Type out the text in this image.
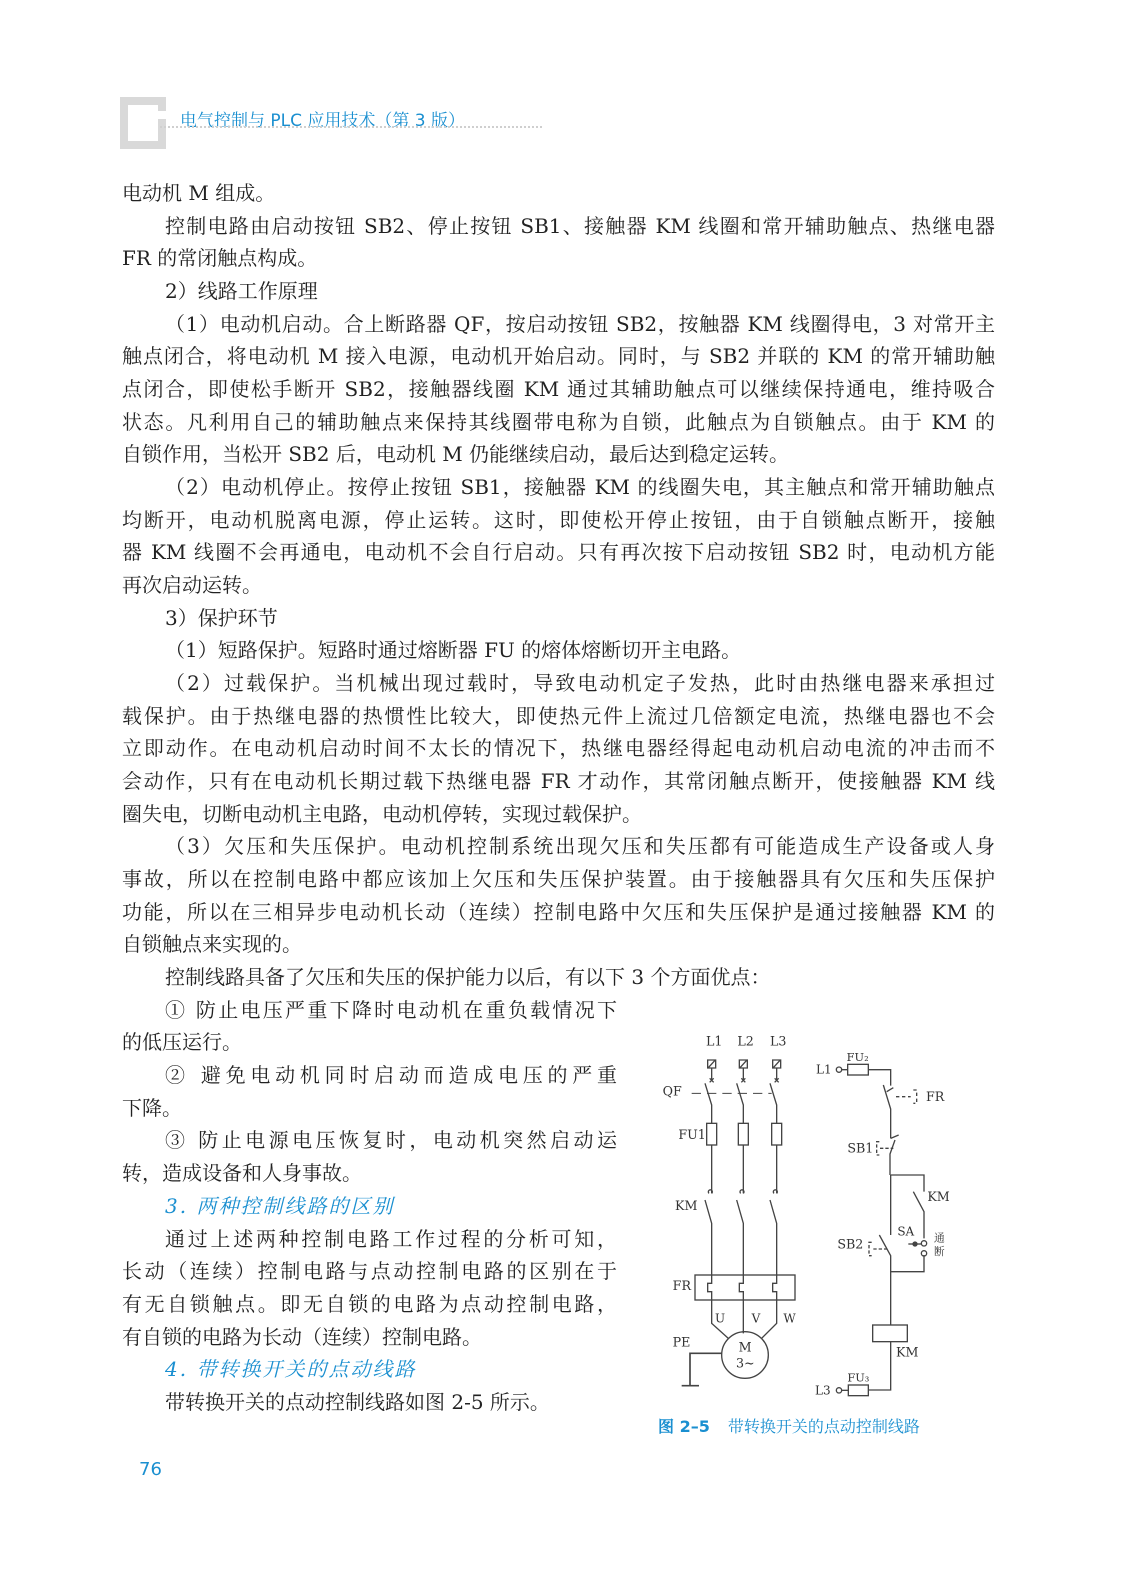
电气控制与 PLC 应用技术（第 3 版）
电动机 M 组成。
控制电路由启动按钮 SB2、停止按钮 SB1、接触器 KM 线圈和常开辅助触点、热继电器
FR 的常闭触点构成。
2）线路工作原理
（1）电动机启动。合上断路器 QF，按启动按钮 SB2，按触器 KM 线圈得电，3 对常开主
触点闭合，将电动机 M 接入电源，电动机开始启动。同时，与 SB2 并联的 KM 的常开辅助触
点闭合，即使松手断开 SB2，接触器线圈 KM 通过其辅助触点可以继续保持通电，维持吸合
状态。凡利用自己的辅助触点来保持其线圈带电称为自锁，此触点为自锁触点。由于 KM 的
自锁作用，当松开 SB2 后，电动机 M 仍能继续启动，最后达到稳定运转。
（2）电动机停止。按停止按钮 SB1，接触器 KM 的线圈失电，其主触点和常开辅助触点
均断开，电动机脱离电源，停止运转。这时，即使松开停止按钮，由于自锁触点断开，接触
器 KM 线圈不会再通电，电动机不会自行启动。只有再次按下启动按钮 SB2 时，电动机方能
再次启动运转。
3）保护环节
（1）短路保护。短路时通过熔断器 FU 的熔体熔断切开主电路。
（2）过载保护。当机械出现过载时，导致电动机定子发热，此时由热继电器来承担过
载保护。由于热继电器的热惯性比较大，即使热元件上流过几倍额定电流，热继电器也不会
立即动作。在电动机启动时间不太长的情况下，热继电器经得起电动机启动电流的冲击而不
会动作，只有在电动机长期过载下热继电器 FR 才动作，其常闭触点断开，使接触器 KM 线
圈失电，切断电动机主电路，电动机停转，实现过载保护。
（3）欠压和失压保护。电动机控制系统出现欠压和失压都有可能造成生产设备或人身
事故，所以在控制电路中都应该加上欠压和失压保护装置。由于接触器具有欠压和失压保护
功能，所以在三相异步电动机长动（连续）控制电路中欠压和失压保护是通过接触器 KM 的
自锁触点来实现的。
控制线路具备了欠压和失压的保护能力以后，有以下 3 个方面优点：
① 防止电压严重下降时电动机在重负载情况下
的低压运行。
② 避免电动机同时启动而造成电压的严重
下降。
③ 防止电源电压恢复时，电动机突然启动运
转，造成设备和人身事故。
3. 两种控制线路的区别
通过上述两种控制电路工作过程的分析可知，
长动（连续）控制电路与点动控制电路的区别在于
有无自锁触点。即无自锁的电路为点动控制电路，
有自锁的电路为长动（连续）控制电路。
4. 带转换开关的点动线路
带转换开关的点动控制线路如图 2-5 所示。
L1 L2 L3
QF
FU1
KM
FR
U V W
M
3~
PE
L1
FU₂
FR
SB1
KM
SB2
SA 通
断
KM
FU₃
L3
图 2–5 带转换开关的点动控制线路
76
